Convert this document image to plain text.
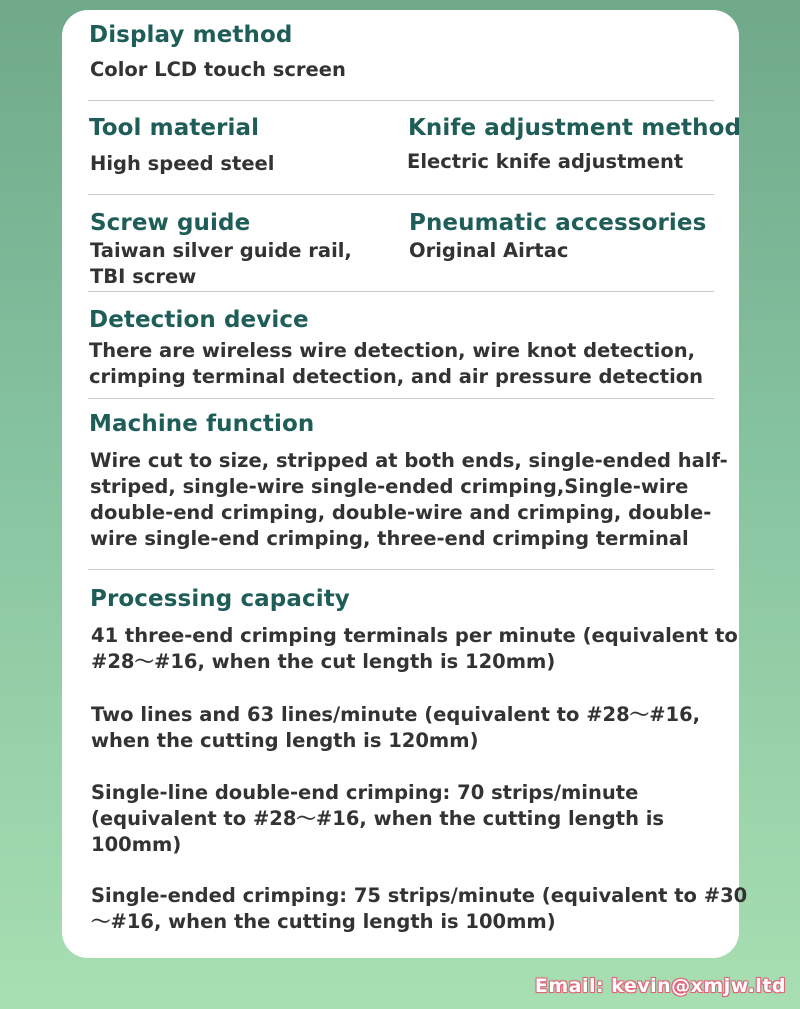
Display method
Color LCD touch screen
Tool material
High speed steel
Knife adjustment method
Electric knife adjustment
Screw guide
Taiwan silver guide rail,
TBI screw
Pneumatic accessories
Original Airtac
Detection device
There are wireless wire detection, wire knot detection,
crimping terminal detection, and air pressure detection
Machine function
Wire cut to size, stripped at both ends, single-ended half-
striped, single-wire single-ended crimping,Single-wire
double-end crimping, double-wire and crimping, double-
wire single-end crimping, three-end crimping terminal
Processing capacity
41 three-end crimping terminals per minute (equivalent to
#28～#16, when the cut length is 120mm)
Two lines and 63 lines/minute (equivalent to #28～#16,
when the cutting length is 120mm)
Single-line double-end crimping: 70 strips/minute
(equivalent to #28～#16, when the cutting length is
100mm)
Single-ended crimping: 75 strips/minute (equivalent to #30
～#16, when the cutting length is 100mm)
Email: kevin@xmjw.ltd
